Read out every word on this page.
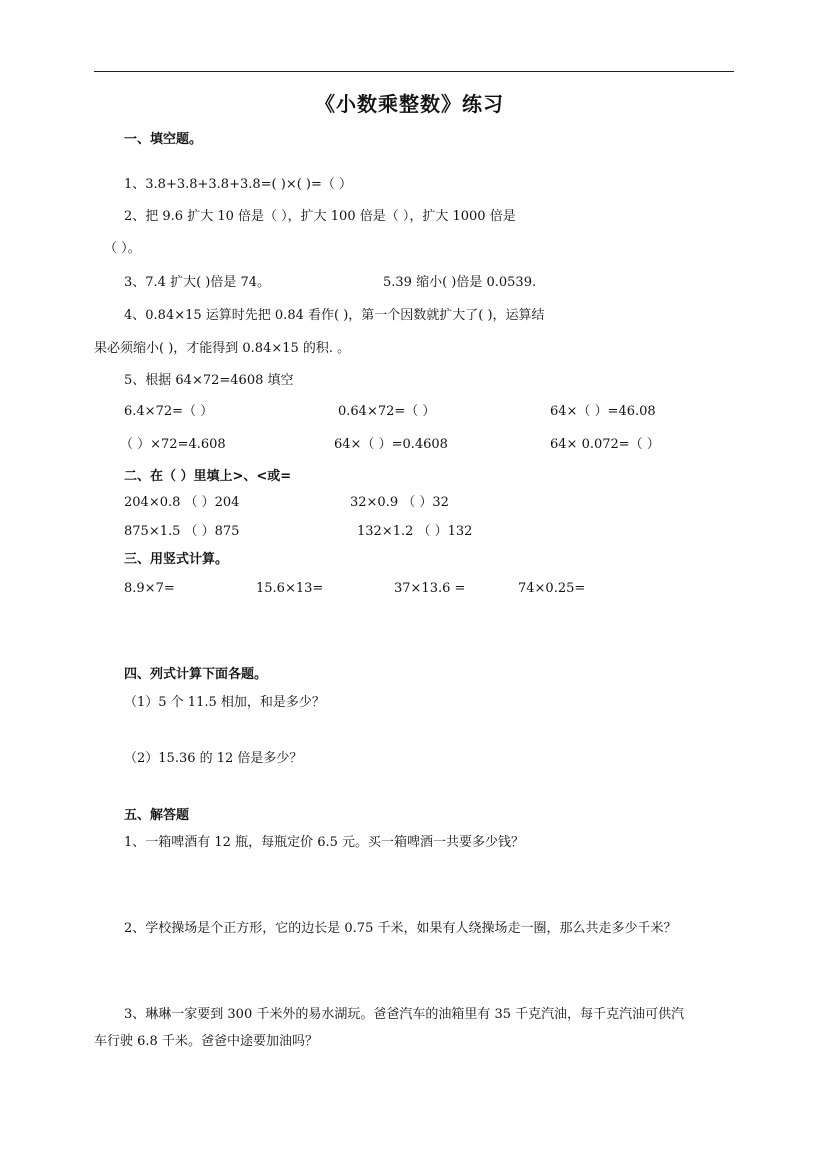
《小数乘整数》练习
一、填空题。
1、3.8+3.8+3.8+3.8=( )×( )=（ ）
2、把 9.6 扩大 10 倍是（ ），扩大 100 倍是（ ），扩大 1000 倍是
（ ）。
3、7.4 扩大( )倍是 74。	5.39 缩小( )倍是 0.0539.
4、0.84×15 运算时先把 0.84 看作( )，第一个因数就扩大了( )，运算结
果必须缩小( )，才能得到 0.84×15 的积. 。
5、根据 64×72=4608 填空
6.4×72=（ ）	0.64×72=（ ）	64×（ ）=46.08
（ ）×72=4.608	64×（ ）=0.4608	64× 0.072=（ ）
二、在（ ）里填上>、<或=
204×0.8 （ ）204	32×0.9 （ ）32
875×1.5 （ ）875	132×1.2 （ ）132
三、用竖式计算。
8.9×7=	15.6×13=	37×13.6 =	74×0.25=
四、列式计算下面各题。
（1）5 个 11.5 相加，和是多少？
（2）15.36 的 12 倍是多少？
五、解答题
1、一箱啤酒有 12 瓶，每瓶定价 6.5 元。买一箱啤酒一共要多少钱？
2、学校操场是个正方形，它的边长是 0.75 千米，如果有人绕操场走一圈，那么共走多少千米？
3、琳琳一家要到 300 千米外的易水湖玩。爸爸汽车的油箱里有 35 千克汽油，每千克汽油可供汽
车行驶 6.8 千米。爸爸中途要加油吗？
